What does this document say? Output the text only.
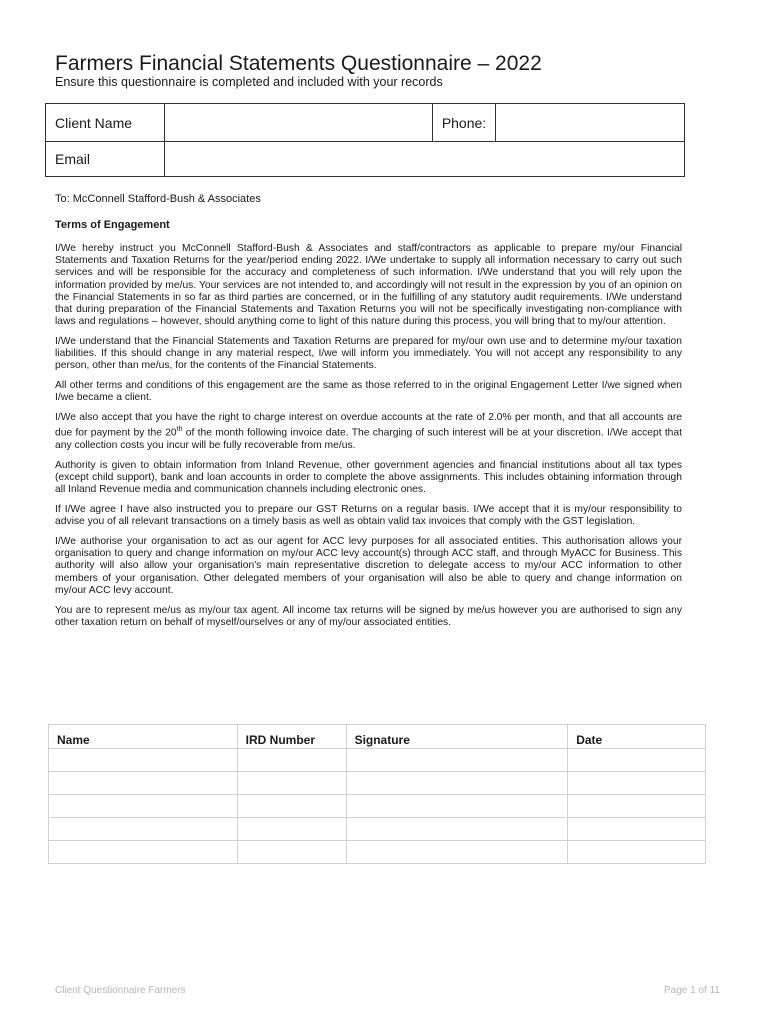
Farmers Financial Statements Questionnaire – 2022

Ensure this questionnaire is completed and included with your records

Client Name		Phone:	
Email			
To: McConnell Stafford-Bush & Associates
Terms of Engagement

I/We hereby instruct you McConnell Stafford-Bush & Associates and staff/contractors as applicable to prepare my/our Financial Statements and Taxation Returns for the year/period ending 2022. I/We undertake to supply all information necessary to carry out such services and will be responsible for the accuracy and completeness of such information. I/We understand that you will rely upon the information provided by me/us. Your services are not intended to, and accordingly will not result in the expression by you of an opinion on the Financial Statements in so far as third parties are concerned, or in the fulfilling of any statutory audit requirements. I/We understand that during preparation of the Financial Statements and Taxation Returns you will not be specifically investigating non-compliance with laws and regulations – however, should anything come to light of this nature during this process, you will bring that to my/our attention.

I/We understand that the Financial Statements and Taxation Returns are prepared for my/our own use and to determine my/our taxation liabilities. If this should change in any material respect, I/we will inform you immediately. You will not accept any responsibility to any person, other than me/us, for the contents of the Financial Statements.

All other terms and conditions of this engagement are the same as those referred to in the original Engagement Letter I/we signed when I/we became a client.

I/We also accept that you have the right to charge interest on overdue accounts at the rate of 2.0% per month, and that all accounts are due for payment by the 20th of the month following invoice date. The charging of such interest will be at your discretion. I/We accept that any collection costs you incur will be fully recoverable from me/us.

Authority is given to obtain information from Inland Revenue, other government agencies and financial institutions about all tax types (except child support), bank and loan accounts in order to complete the above assignments. This includes obtaining information through all Inland Revenue media and communication channels including electronic ones.

If I/We agree I have also instructed you to prepare our GST Returns on a regular basis. I/We accept that it is my/our responsibility to advise you of all relevant transactions on a timely basis as well as obtain valid tax invoices that comply with the GST legislation.

I/We authorise your organisation to act as our agent for ACC levy purposes for all associated entities. This authorisation allows your organisation to query and change information on my/our ACC levy account(s) through ACC staff, and through MyACC for Business. This authority will also allow your organisation's main representative discretion to delegate access to my/our ACC information to other members of your organisation. Other delegated members of your organisation will also be able to query and change information on my/our ACC levy account.

You are to represent me/us as my/our tax agent. All income tax returns will be signed by me/us however you are authorised to sign any other taxation return on behalf of myself/ourselves or any of my/our associated entities.

Name	IRD Number	Signature	Date

Client Questionnaire Farmers	Page 1 of 11
